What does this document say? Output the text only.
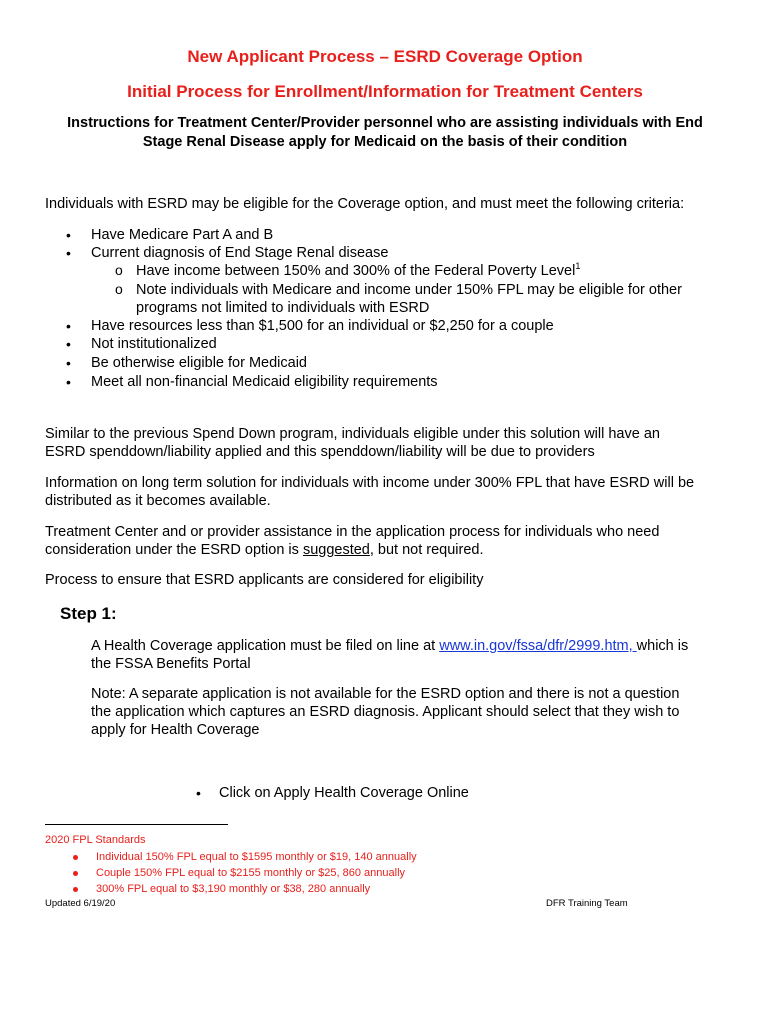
New Applicant Process – ESRD Coverage Option
Initial Process for Enrollment/Information for Treatment Centers
Instructions for Treatment Center/Provider personnel who are assisting individuals with End
Stage Renal Disease apply for Medicaid on the basis of their condition
Individuals with ESRD may be eligible for the Coverage option, and must meet the following criteria:
• Have Medicare Part A and B
• Current diagnosis of End Stage Renal disease
o Have income between 150% and 300% of the Federal Poverty Level$^1$
o Note individuals with Medicare and income under 150% FPL may be eligible for other
programs not limited to individuals with ESRD
• Have resources less than $1,500 for an individual or $2,250 for a couple
• Not institutionalized
• Be otherwise eligible for Medicaid
• Meet all non-financial Medicaid eligibility requirements
Similar to the previous Spend Down program, individuals eligible under this solution will have an
ESRD spenddown/liability applied and this spenddown/liability will be due to providers
Information on long term solution for individuals with income under 300% FPL that have ESRD will be
distributed as it becomes available.
Treatment Center and or provider assistance in the application process for individuals who need
consideration under the ESRD option is suggested, but not required.
Process to ensure that ESRD applicants are considered for eligibility
Step 1:
A Health Coverage application must be filed on line at www.in.gov/fssa/dfr/2999.htm, which is
the FSSA Benefits Portal
Note: A separate application is not available for the ESRD option and there is not a question
the application which captures an ESRD diagnosis. Applicant should select that they wish to
apply for Health Coverage
• Click on Apply Health Coverage Online
2020 FPL Standards
Individual 150% FPL equal to $1595 monthly or $19, 140 annually
Couple 150% FPL equal to $2155 monthly or $25, 860 annually
300% FPL equal to $3,190 monthly or $38, 280 annually
Updated 6/19/20	DFR Training Team
